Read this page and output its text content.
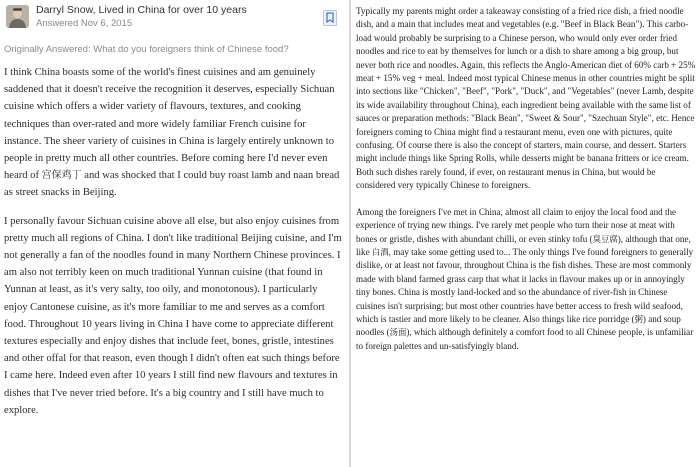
Darryl Snow, Lived in China for over 10 years
Answered Nov 6, 2015
Originally Answered: What do you foreigners think of Chinese food?

I think China boasts some of the world's finest cuisines and am genuinely saddened that it doesn't receive the recognition it deserves, especially Sichuan cuisine which offers a wider variety of flavours, textures, and cooking techniques than over-rated and more widely familiar French cuisine for instance. The sheer variety of cuisines in China is largely entirely unknown to people in pretty much all other countries. Before coming here I'd never even heard of 宫保鸡丁 and was shocked that I could buy roast lamb and naan bread as street snacks in Beijing.

I personally favour Sichuan cuisine above all else, but also enjoy cuisines from pretty much all regions of China. I don't like traditional Beijing cuisine, and I'm not generally a fan of the noodles found in many Northern Chinese provinces. I am also not terribly keen on much traditional Yunnan cuisine (that found in Yunnan at least, as it's very salty, too oily, and monotonous). I particularly enjoy Cantonese cuisine, as it's more familiar to me and serves as a comfort food. Throughout 10 years living in China I have come to appreciate different textures especially and enjoy dishes that include feet, bones, gristle, intestines and other offal for that reason, even though I didn't often eat such things before I came here. Indeed even after 10 years I still find new flavours and textures in dishes that I've never tried before. It's a big country and I still have much to explore.

Typically my parents might order a takeaway consisting of a fried rice dish, a fried noodle dish, and a main that includes meat and vegetables (e.g. "Beef in Black Bean"). This carbo-load would probably be surprising to a Chinese person, who would only ever order fried noodles and rice to eat by themselves for lunch or a dish to share among a big group, but never both rice and noodles. Again, this reflects the Anglo-American diet of 60% carb + 25% meat + 15% veg + meal. Indeed most typical Chinese menus in other countries might be split into sections like "Chicken", "Beef", "Pork", "Duck", and "Vegetables" (never Lamb, despite its wide availability throughout China), each ingredient being available with the same list of sauces or preparation methods: "Black Bean", "Sweet & Sour", "Szechuan Style", etc. Hence foreigners coming to China might find a restaurant menu, even one with pictures, quite confusing. Of course there is also the concept of starters, main course, and dessert. Starters might include things like Spring Rolls, while desserts might be banana fritters or ice cream. Both such dishes rarely found, if ever, on restaurant menus in China, but would be considered very typically Chinese to foreigners.

Among the foreigners I've met in China, almost all claim to enjoy the local food and the experience of trying new things. I've rarely met people who turn their nose at meat with bones or gristle, dishes with abundant chilli, or even stinky tofu (臭豆腐), although that one, like 白酒, may take some getting used to... The only things I've found foreigners to generally dislike, or at least not favour, throughout China is the fish dishes. These are most commonly made with bland farmed grass carp that what it lacks in flavour makes up or in annoyingly tiny bones. China is mostly land-locked and so the abundance of river-fish in Chinese cuisines isn't surprising; but most other countries have better access to fresh wild seafood, which is tastier and more likely to be cleaner. Also things like rice porridge (粥) and soup noodles (汤面), which although definitely a comfort food to all Chinese people, is unfamiliar to foreign palettes and un-satisfyingly bland.
